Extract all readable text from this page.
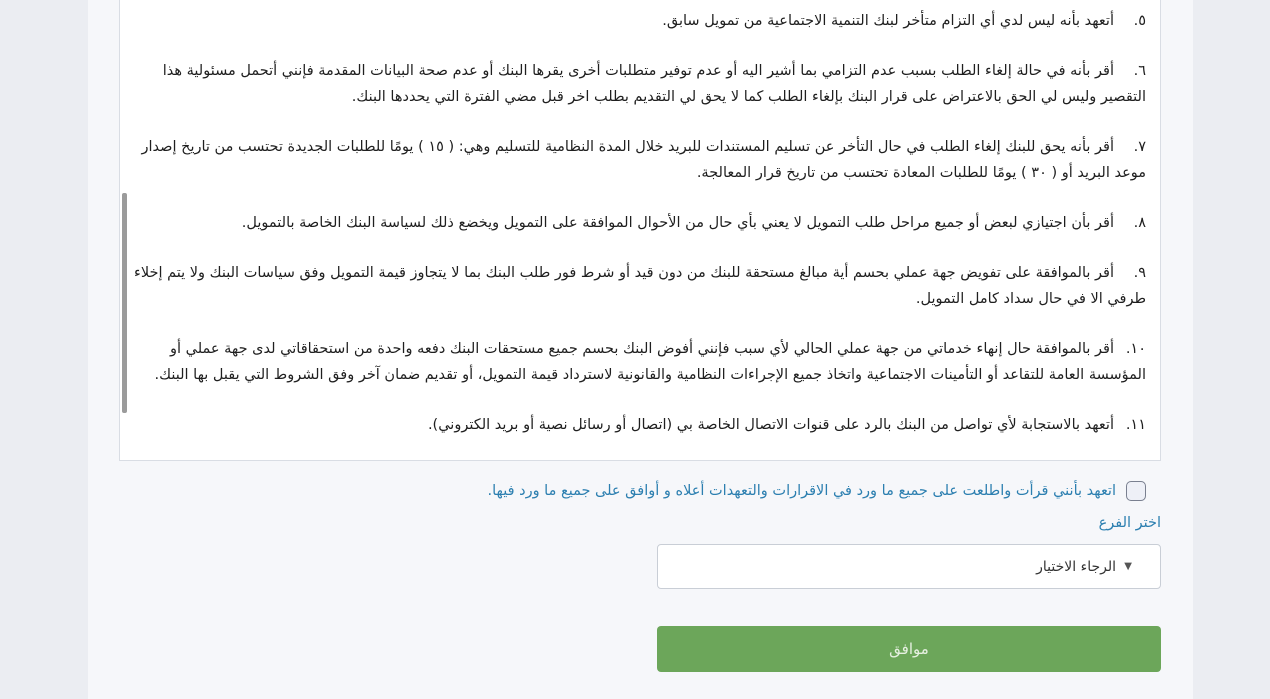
٥.أتعهد بأنه ليس لدي أي التزام متأخر لبنك التنمية الاجتماعية من تمويل سابق.

٦.أقر بأنه في حالة إلغاء الطلب بسبب عدم التزامي بما أشير اليه أو عدم توفير متطلبات أخرى يقرها البنك أو عدم صحة البيانات المقدمة فإنني أتحمل مسئولية هذا التقصير وليس لي الحق بالاعتراض على قرار البنك بإلغاء الطلب كما لا يحق لي التقديم بطلب اخر قبل مضي الفترة التي يحددها البنك.

٧.أقر بأنه يحق للبنك إلغاء الطلب في حال التأخر عن تسليم المستندات للبريد خلال المدة النظامية للتسليم وهي: ( ١٥ ) يومًا للطلبات الجديدة تحتسب من تاريخ إصدار موعد البريد أو ( ٣٠ ) يومًا للطلبات المعادة تحتسب من تاريخ قرار المعالجة.

٨.أقر بأن اجتيازي لبعض أو جميع مراحل طلب التمويل لا يعني بأي حال من الأحوال الموافقة على التمويل ويخضع ذلك لسياسة البنك الخاصة بالتمويل.

٩.أقر بالموافقة على تفويض جهة عملي بحسم أية مبالغ مستحقة للبنك من دون قيد أو شرط فور طلب البنك بما لا يتجاوز قيمة التمويل وفق سياسات البنك ولا يتم إخلاء طرفي الا في حال سداد كامل التمويل.

١٠.أقر بالموافقة حال إنهاء خدماتي من جهة عملي الحالي لأي سبب فإنني أفوض البنك بحسم جميع مستحقات البنك دفعه واحدة من استحقاقاتي لدى جهة عملي أو المؤسسة العامة للتقاعد أو التأمينات الاجتماعية واتخاذ جميع الإجراءات النظامية والقانونية لاسترداد قيمة التمويل، أو تقديم ضمان آخر وفق الشروط التي يقبل بها البنك.

١١.أتعهد بالاستجابة لأي تواصل من البنك بالرد على قنوات الاتصال الخاصة بي (اتصال أو رسائل نصية أو بريد الكتروني).

اتعهد بأنني قرأت واطلعت على جميع ما ورد في الاقرارات والتعهدات أعلاه و أوافق على جميع ما ورد فيها.
اختر الفرع
▼
الرجاء الاختيار
موافق
